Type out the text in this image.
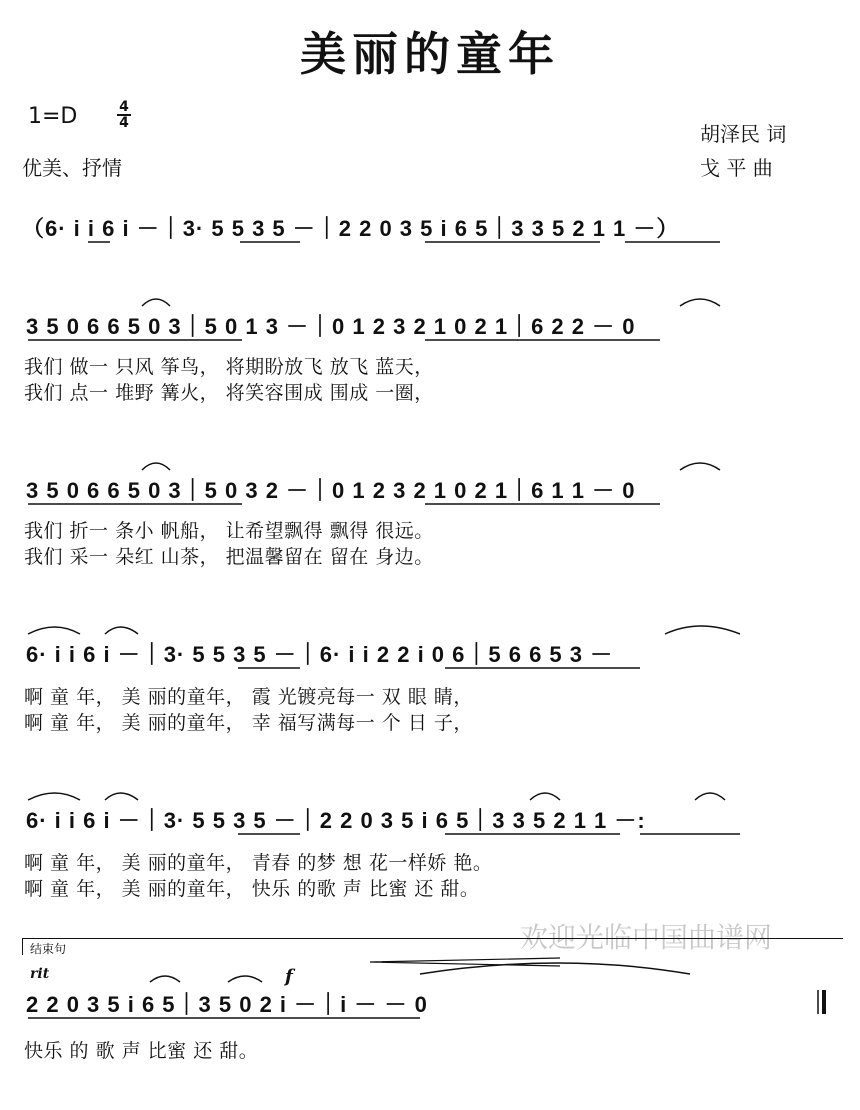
美丽的童年
1=D	4
4
优美、抒情
胡泽民 词
戈 平 曲
（6· i i 6 i －｜3· 5 5 3 5 －｜2 2 0 3 5 i 6 5｜3 3 5 2 1 1 －）
3 5 0 6 6 5 0 3｜5 0 1 3 －｜0 1 2 3 2 1 0 2 1｜6 2 2 － 0
我们 做一 只风 筝鸟， 将期盼放飞 放飞 蓝天，
我们 点一 堆野 篝火， 将笑容围成 围成 一圈，
3 5 0 6 6 5 0 3｜5 0 3 2 －｜0 1 2 3 2 1 0 2 1｜6 1 1 － 0
我们 折一 条小 帆船， 让希望飘得 飘得 很远。
我们 采一 朵红 山茶， 把温馨留在 留在 身边。
6· i i 6 i －｜3· 5 5 3 5 －｜6· i i 2 2 i 0 6｜5 6 6 5 3 －
啊 童 年， 美 丽的童年， 霞 光镀亮每一 双 眼 睛，
啊 童 年， 美 丽的童年， 幸 福写满每一 个 日 子，
6· i i 6 i －｜3· 5 5 3 5 －｜2 2 0 3 5 i 6 5｜3 3 5 2 1 1 －:
啊 童 年， 美 丽的童年， 青春 的梦 想 花一样娇 艳。
啊 童 年， 美 丽的童年， 快乐 的歌 声 比蜜 还 甜。
欢迎光临中国曲谱网
结束句
rit	f
2 2 0 3 5 i 6 5｜3 5 0 2 i －｜i － － 0
快乐 的 歌 声 比蜜 还 甜。
